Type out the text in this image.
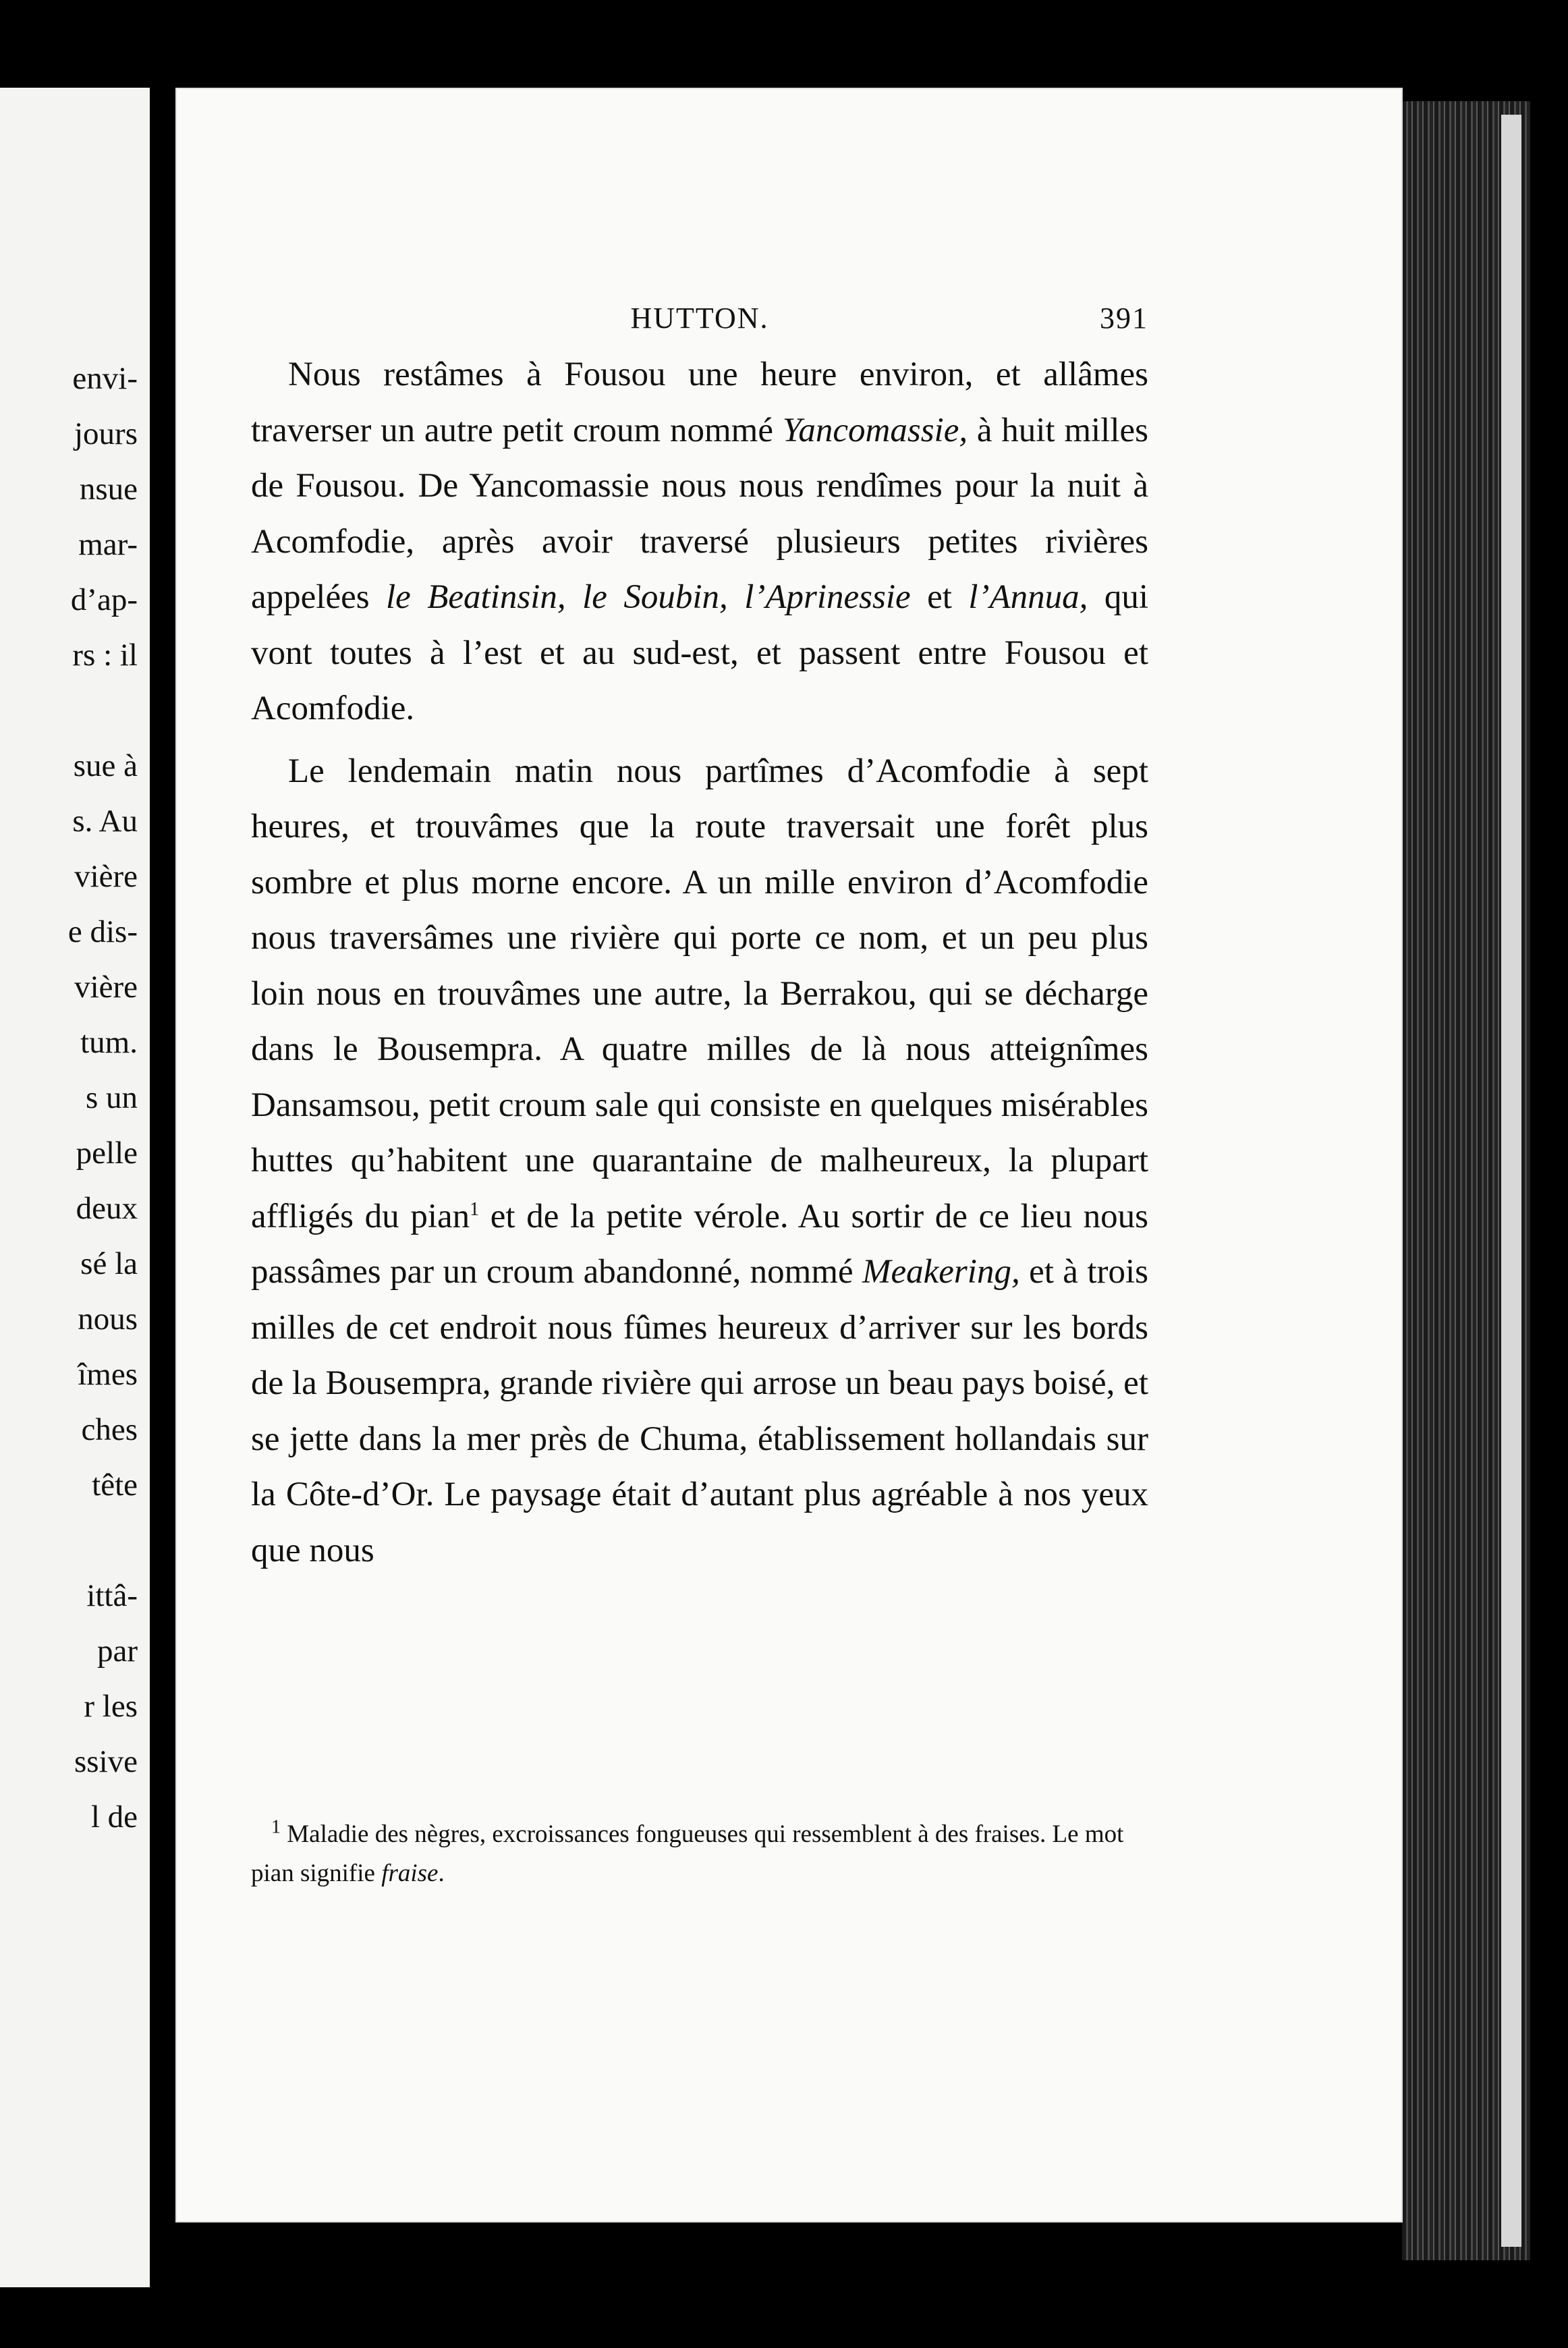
envi-
jours
nsue
mar-
d’ap-
rs : il
sue à
s. Au
vière
e dis-
vière
tum.
s un
pelle
deux
sé la
nous
îmes
ches
tête
ittâ-
par
r les
ssive
l de
HUTTON.	391

Nous restâmes à Fousou une heure environ, et allâmes traverser un autre petit croum nommé Yancomassie, à huit milles de Fousou. De Yancomassie nous nous rendîmes pour la nuit à Acomfodie, après avoir traversé plusieurs petites rivières appelées le Beatinsin, le Soubin, l’Aprinessie et l’Annua, qui vont toutes à l’est et au sud-est, et passent entre Fousou et Acomfodie.

Le lendemain matin nous partîmes d’Acomfodie à sept heures, et trouvâmes que la route traversait une forêt plus sombre et plus morne encore. A un mille environ d’Acomfodie nous traversâmes une rivière qui porte ce nom, et un peu plus loin nous en trouvâmes une autre, la Berrakou, qui se décharge dans le Bousempra. A quatre milles de là nous atteignîmes Dansamsou, petit croum sale qui consiste en quelques misérables huttes qu’habitent une quarantaine de malheureux, la plupart affligés du pian$^1$ et de la petite vérole. Au sortir de ce lieu nous passâmes par un croum abandonné, nommé Meakering, et à trois milles de cet endroit nous fûmes heureux d’arriver sur les bords de la Bousempra, grande rivière qui arrose un beau pays boisé, et se jette dans la mer près de Chuma, établissement hollandais sur la Côte-d’Or. Le paysage était d’autant plus agréable à nos yeux que nous

$^1$ Maladie des nègres, excroissances fongueuses qui ressemblent à des fraises. Le mot pian signifie fraise.
